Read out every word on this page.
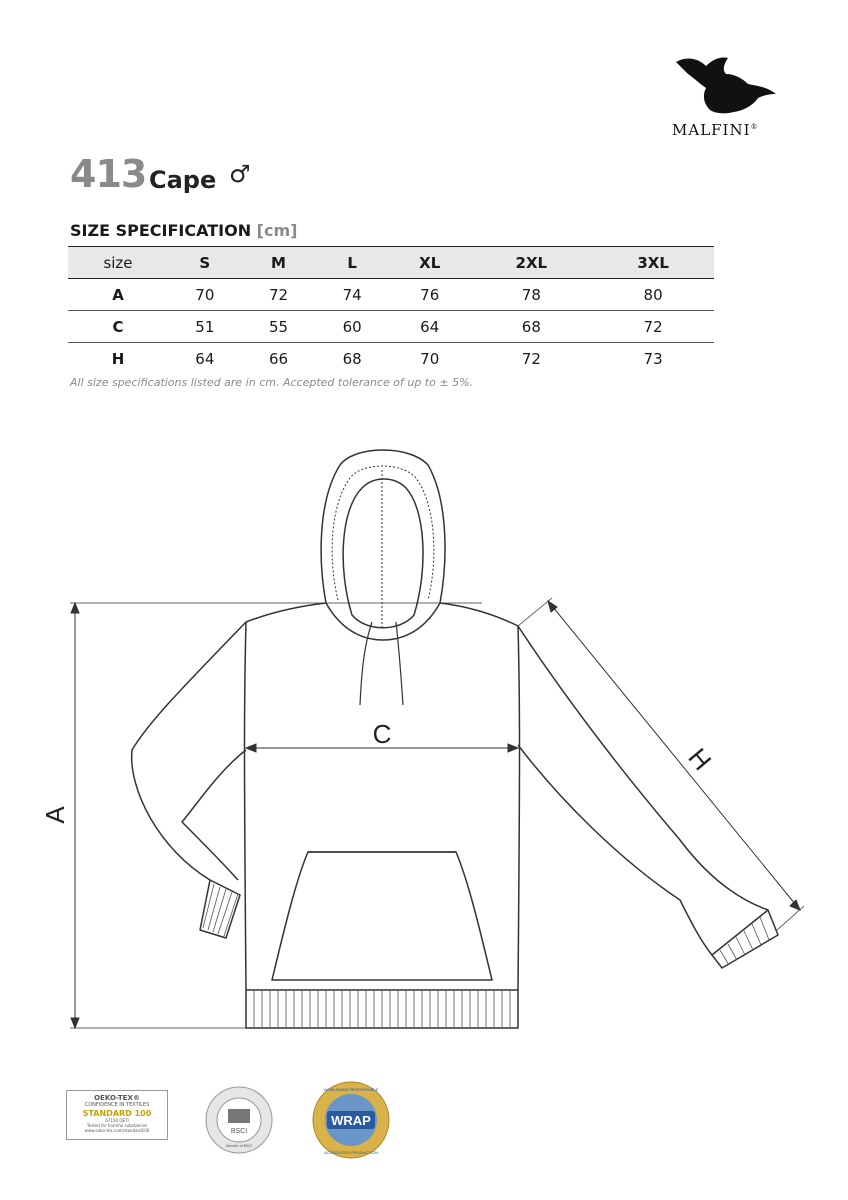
MALFINI®
413 Cape ♂
SIZE SPECIFICATION [cm]
size	S	M	L	XL	2XL	3XL
A	70	72	74	76	78	80
C	51	55	60	64	68	72
H	64	66	68	70	72	73
All size specifications listed are in cm. Accepted tolerance of up to ± 5%.
A
C
H
OEKO-TEX®
CONFIDENCE IN TEXTILES
STANDARD 100
67150 OETI
Tested for harmful substances
www.oeko-tex.com/standard100	BSCI
Member of BSCI
WRAP
WORLDWIDE RESPONSIBLE
ACCREDITED PRODUCTION
